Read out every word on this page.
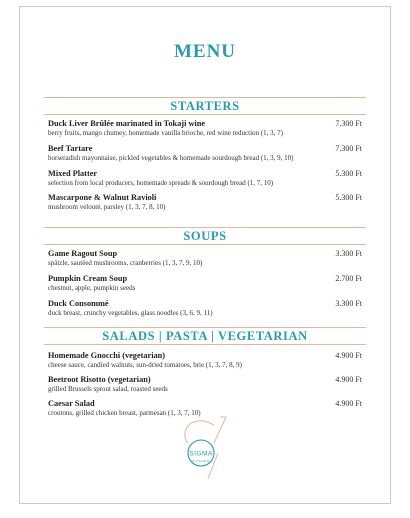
MENU
STARTERS
Duck Liver Brûlée marinated in Tokaji wine
berry fruits, mango chutney, homemade vanilla brioche, red wine reduction (1, 3, 7)
7.300 Ft
Beef Tartare
horseradish mayonnaise, pickled vegetables & homemade sourdough bread (1, 3, 9, 10)
7.300 Ft
Mixed Platter
selection from local producers, homemade spreads & sourdough bread (1, 7, 10)
5.300 Ft
Mascarpone & Walnut Ravioli
mushroom velouté, parsley (1, 3, 7, 8, 10)
5.300 Ft
SOUPS
Game Ragout Soup
spätzle, sautéed mushrooms, cranberries (1, 3, 7, 9, 10)
3.300 Ft
Pumpkin Cream Soup
chestnut, apple, pumpkin seeds
2.700 Ft
Duck Consommé
duck breast, crunchy vegetables, glass noodles (3, 6, 9, 11)
3.300 Ft
SALADS | PASTA | VEGETARIAN
Homemade Gnocchi (vegetarian)
cheese sauce, candied walnuts, sun-dried tomatoes, brie (1, 3, 7, 8, 9)
4.900 Ft
Beetroot Risotto (vegetarian)
grilled Brussels sprout salad, roasted seeds
4.900 Ft
Caesar Salad
croutons, grilled chicken breast, parmesan (1, 3, 7, 10)
4.900 Ft
SIGMA
KITCHEN
